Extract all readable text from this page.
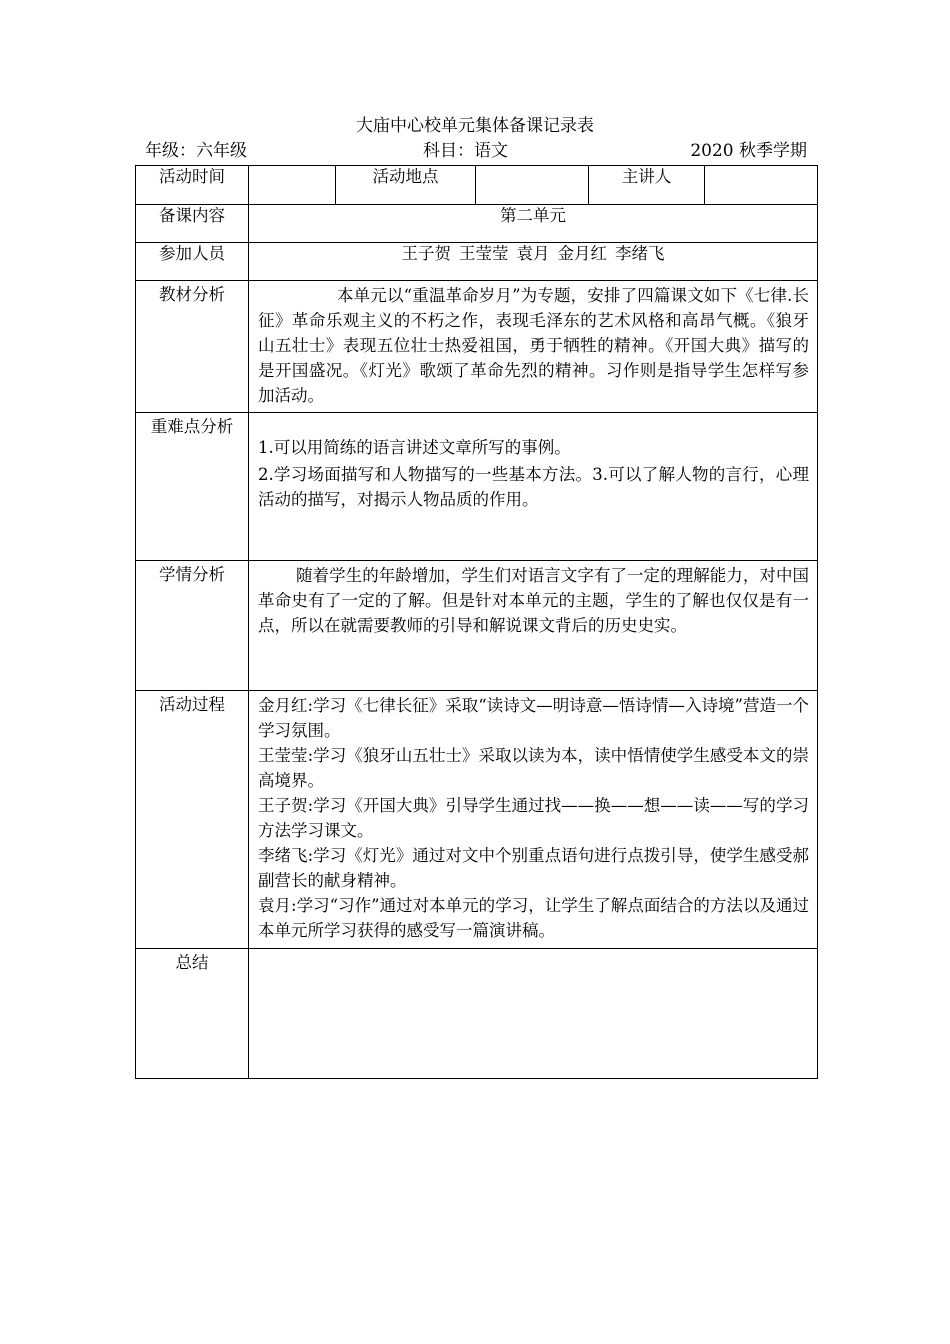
大庙中心校单元集体备课记录表
年级：六年级	科目：语文	2020 秋季学期
活动时间		活动地点		主讲人	
备课内容	第二单元				
参加人员	王子贺 王莹莹 袁月 金月红 李绪飞				
教材分析	本单元以“重温革命岁月”为专题，安排了四篇课文如下《七律.长征》革命乐观主义的不朽之作，表现毛泽东的艺术风格和高昂气概。《狼牙山五壮士》表现五位壮士热爱祖国，勇于牺牲的精神。《开国大典》描写的是开国盛况。《灯光》歌颂了革命先烈的精神。习作则是指导学生怎样写参加活动。				

重难点分析	1.可以用简练的语言讲述文章所写的事例。
2.学习场面描写和人物描写的一些基本方法。3.可以了解人物的言行，心理活动的描写，对揭示人物品质的作用。				

学情分析	随着学生的年龄增加，学生们对语言文字有了一定的理解能力，对中国革命史有了一定的了解。但是针对本单元的主题，学生的了解也仅仅是有一点，所以在就需要教师的引导和解说课文背后的历史史实。				

活动过程	金月红:学习《七律长征》采取“读诗文—明诗意—悟诗情—入诗境”营造一个学习氛围。
王莹莹:学习《狼牙山五壮士》采取以读为本，读中悟情使学生感受本文的崇高境界。
王子贺:学习《开国大典》引导学生通过找——换——想——读——写的学习方法学习课文。
李绪飞:学习《灯光》通过对文中个别重点语句进行点拨引导，使学生感受郝副营长的献身精神。
袁月:学习“习作”通过对本单元的学习，让学生了解点面结合的方法以及通过本单元所学习获得的感受写一篇演讲稿。				

总结					
